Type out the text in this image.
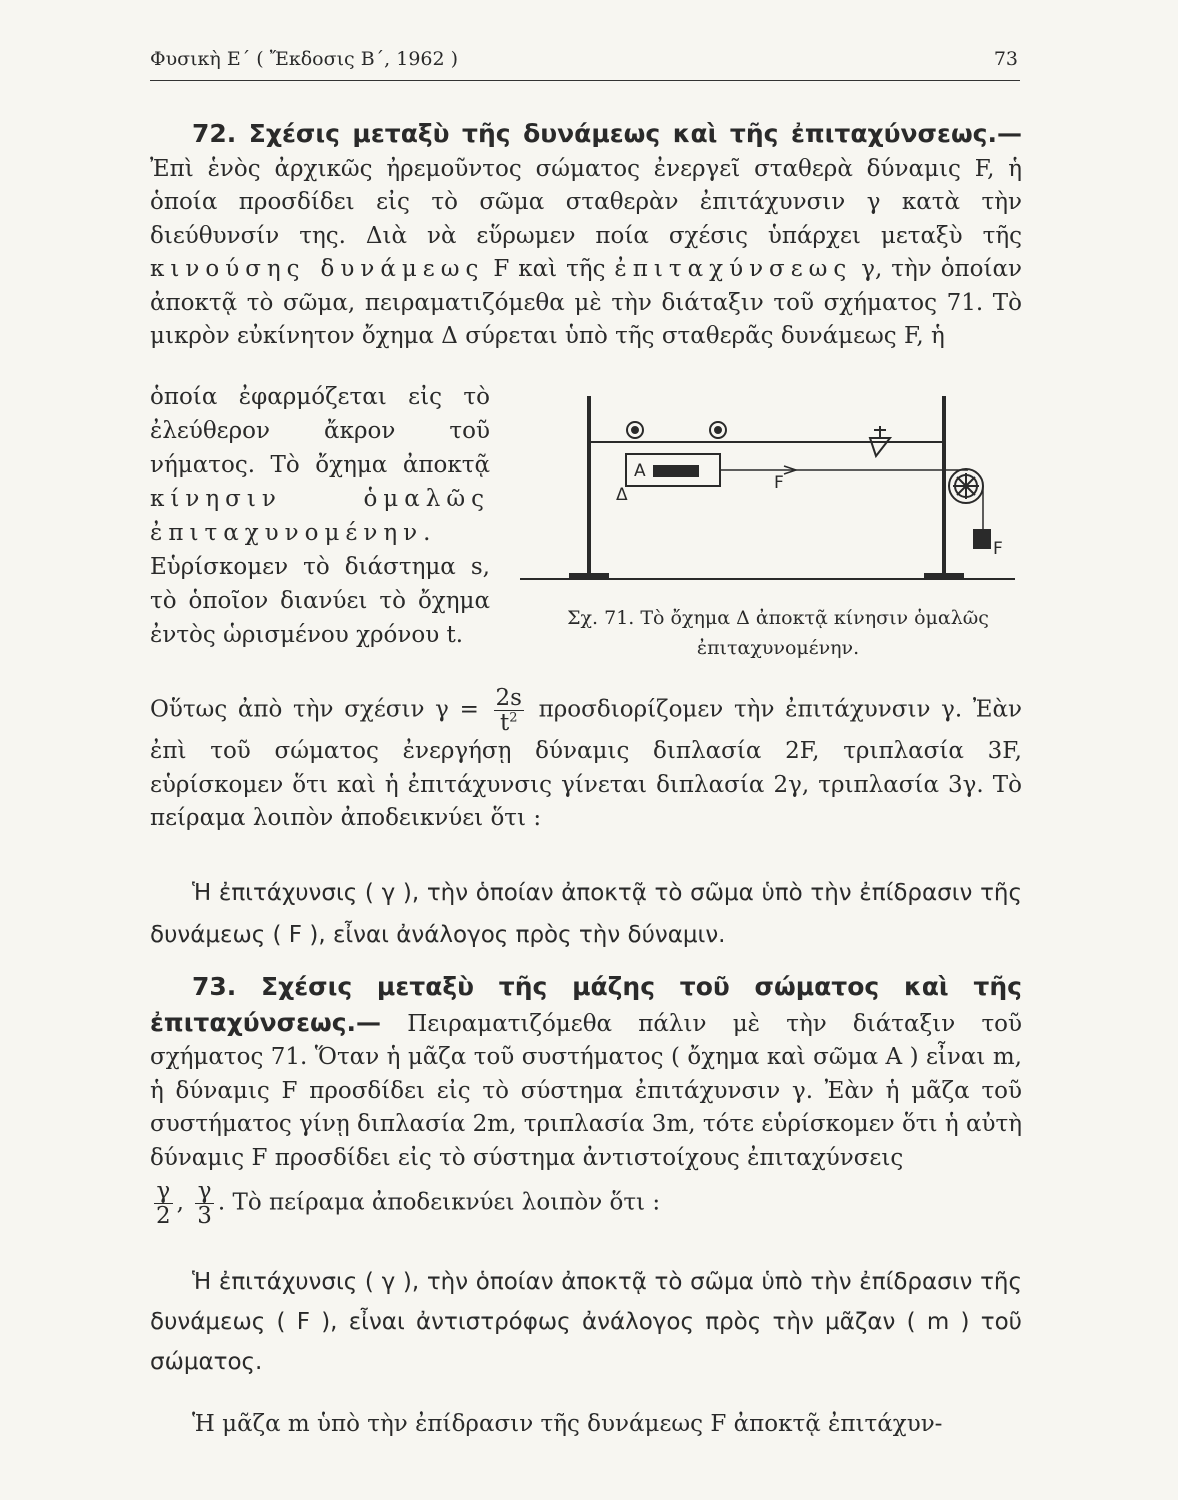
Φυσικὴ Ε΄ ( Ἔκδοσις Β΄, 1962 )	73

72. Σχέσις μεταξὺ τῆς δυνάμεως καὶ τῆς ἐπιταχύνσεως.— Ἐπὶ ἑνὸς ἀρχικῶς ἠρεμοῦντος σώματος ἐνεργεῖ σταθερὰ δύναμις F, ἡ ὁποία προσδίδει εἰς τὸ σῶμα σταθερὰν ἐπιτάχυνσιν γ κατὰ τὴν διεύθυνσίν της. Διὰ νὰ εὕρωμεν ποία σχέσις ὑπάρχει μεταξὺ τῆς κινούσης δυνάμεως F καὶ τῆς ἐπιταχύνσεως γ, τὴν ὁποίαν ἀποκτᾷ τὸ σῶμα, πειραματιζόμεθα μὲ τὴν διάταξιν τοῦ σχήματος 71. Τὸ μικρὸν εὐκίνητον ὄχημα Δ σύρεται ὑπὸ τῆς σταθερᾶς δυνάμεως F, ἡ

ὁποία ἐφαρμόζεται εἰς τὸ ἐλεύθερον ἄκρον τοῦ νήματος. Τὸ ὄχημα ἀποκτᾷ κίνησιν ὁμαλῶς ἐπιταχυνομένην. Εὑρίσκομεν τὸ διάστημα s, τὸ ὁποῖον διανύει τὸ ὄχημα ἐντὸς ὡρισμένου χρόνου t.

A
Δ
F
F
Σχ. 71. Τὸ ὄχημα Δ ἀποκτᾷ κίνησιν ὁμαλῶς
ἐπιταχυνομένην.

Οὕτως ἀπὸ τὴν σχέσιν $\gamma = \frac{2s}{t^2}$ προσδιορίζομεν τὴν ἐπιτάχυνσιν γ. Ἐὰν ἐπὶ τοῦ σώματος ἐνεργήσῃ δύναμις διπλασία 2F, τριπλασία 3F, εὑρίσκομεν ὅτι καὶ ἡ ἐπιτάχυνσις γίνεται διπλασία 2γ, τριπλασία 3γ. Τὸ πείραμα λοιπὸν ἀποδεικνύει ὅτι :

Ἡ ἐπιτάχυνσις ( γ ), τὴν ὁποίαν ἀποκτᾷ τὸ σῶμα ὑπὸ τὴν ἐπίδρασιν τῆς δυνάμεως ( F ), εἶναι ἀνάλογος πρὸς τὴν δύναμιν.

73. Σχέσις μεταξὺ τῆς μάζης τοῦ σώματος καὶ τῆς ἐπιταχύνσεως.— Πειραματιζόμεθα πάλιν μὲ τὴν διάταξιν τοῦ σχήματος 71. Ὅταν ἡ μᾶζα τοῦ συστήματος ( ὄχημα καὶ σῶμα Α ) εἶναι m, ἡ δύναμις F προσδίδει εἰς τὸ σύστημα ἐπιτάχυνσιν γ. Ἐὰν ἡ μᾶζα τοῦ συστήματος γίνῃ διπλασία 2m, τριπλασία 3m, τότε εὑρίσκομεν ὅτι ἡ αὐτὴ δύναμις F προσδίδει εἰς τὸ σύστημα ἀντιστοίχους ἐπιταχύνσεις

$\frac{\gamma}{2}$ , $\frac{\gamma}{3}$ . Τὸ πείραμα ἀποδεικνύει λοιπὸν ὅτι :

Ἡ ἐπιτάχυνσις ( γ ), τὴν ὁποίαν ἀποκτᾷ τὸ σῶμα ὑπὸ τὴν ἐπίδρασιν τῆς δυνάμεως ( F ), εἶναι ἀντιστρόφως ἀνάλογος πρὸς τὴν μᾶζαν ( m ) τοῦ σώματος.

Ἡ μᾶζα m ὑπὸ τὴν ἐπίδρασιν τῆς δυνάμεως F ἀποκτᾷ ἐπιτάχυν-
